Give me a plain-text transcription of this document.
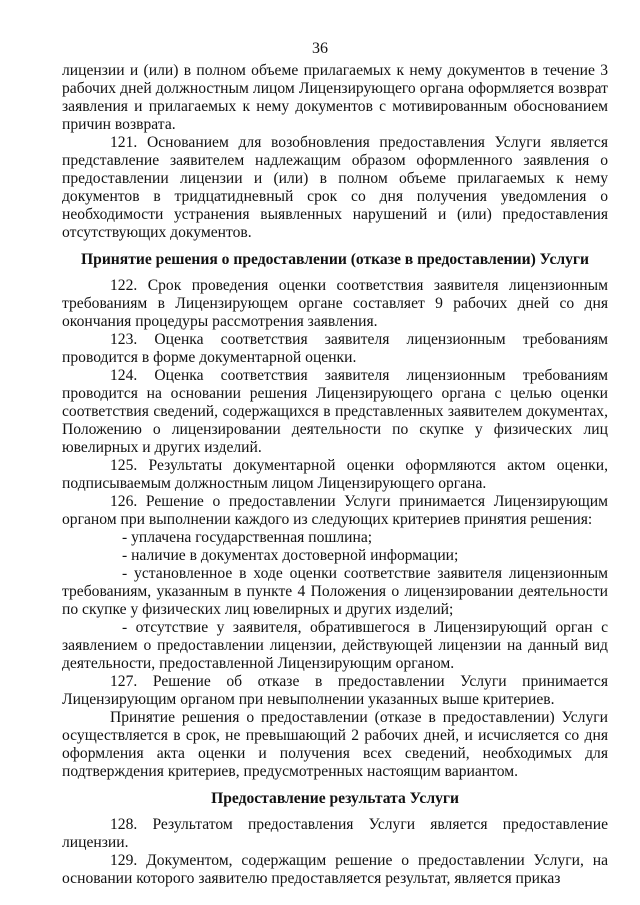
36

лицензии и (или) в полном объеме прилагаемых к нему документов в течение 3 рабочих дней должностным лицом Лицензирующего органа оформляется возврат заявления и прилагаемых к нему документов с мотивированным обоснованием причин возврата.

121. Основанием для возобновления предоставления Услуги является представление заявителем надлежащим образом оформленного заявления о предоставлении лицензии и (или) в полном объеме прилагаемых к нему документов в тридцатидневный срок со дня получения уведомления о необходимости устранения выявленных нарушений и (или) предоставления отсутствующих документов.

Принятие решения о предоставлении (отказе в предоставлении) Услуги

122. Срок проведения оценки соответствия заявителя лицензионным требованиям в Лицензирующем органе составляет 9 рабочих дней со дня окончания процедуры рассмотрения заявления.

123. Оценка соответствия заявителя лицензионным требованиям проводится в форме документарной оценки.

124. Оценка соответствия заявителя лицензионным требованиям проводится на основании решения Лицензирующего органа с целью оценки соответствия сведений, содержащихся в представленных заявителем документах, Положению о лицензировании деятельности по скупке у физических лиц ювелирных и других изделий.

125. Результаты документарной оценки оформляются актом оценки, подписываемым должностным лицом Лицензирующего органа.

126. Решение о предоставлении Услуги принимается Лицензирующим органом при выполнении каждого из следующих критериев принятия решения:

- уплачена государственная пошлина;

- наличие в документах достоверной информации;

- установленное в ходе оценки соответствие заявителя лицензионным требованиям, указанным в пункте 4 Положения о лицензировании деятельности по скупке у физических лиц ювелирных и других изделий;

- отсутствие у заявителя, обратившегося в Лицензирующий орган с заявлением о предоставлении лицензии, действующей лицензии на данный вид деятельности, предоставленной Лицензирующим органом.

127. Решение об отказе в предоставлении Услуги принимается Лицензирующим органом при невыполнении указанных выше критериев.

Принятие решения о предоставлении (отказе в предоставлении) Услуги осуществляется в срок, не превышающий 2 рабочих дней, и исчисляется со дня оформления акта оценки и получения всех сведений, необходимых для подтверждения критериев, предусмотренных настоящим вариантом.

Предоставление результата Услуги

128. Результатом предоставления Услуги является предоставление лицензии.

129. Документом, содержащим решение о предоставлении Услуги, на основании которого заявителю предоставляется результат, является приказ
